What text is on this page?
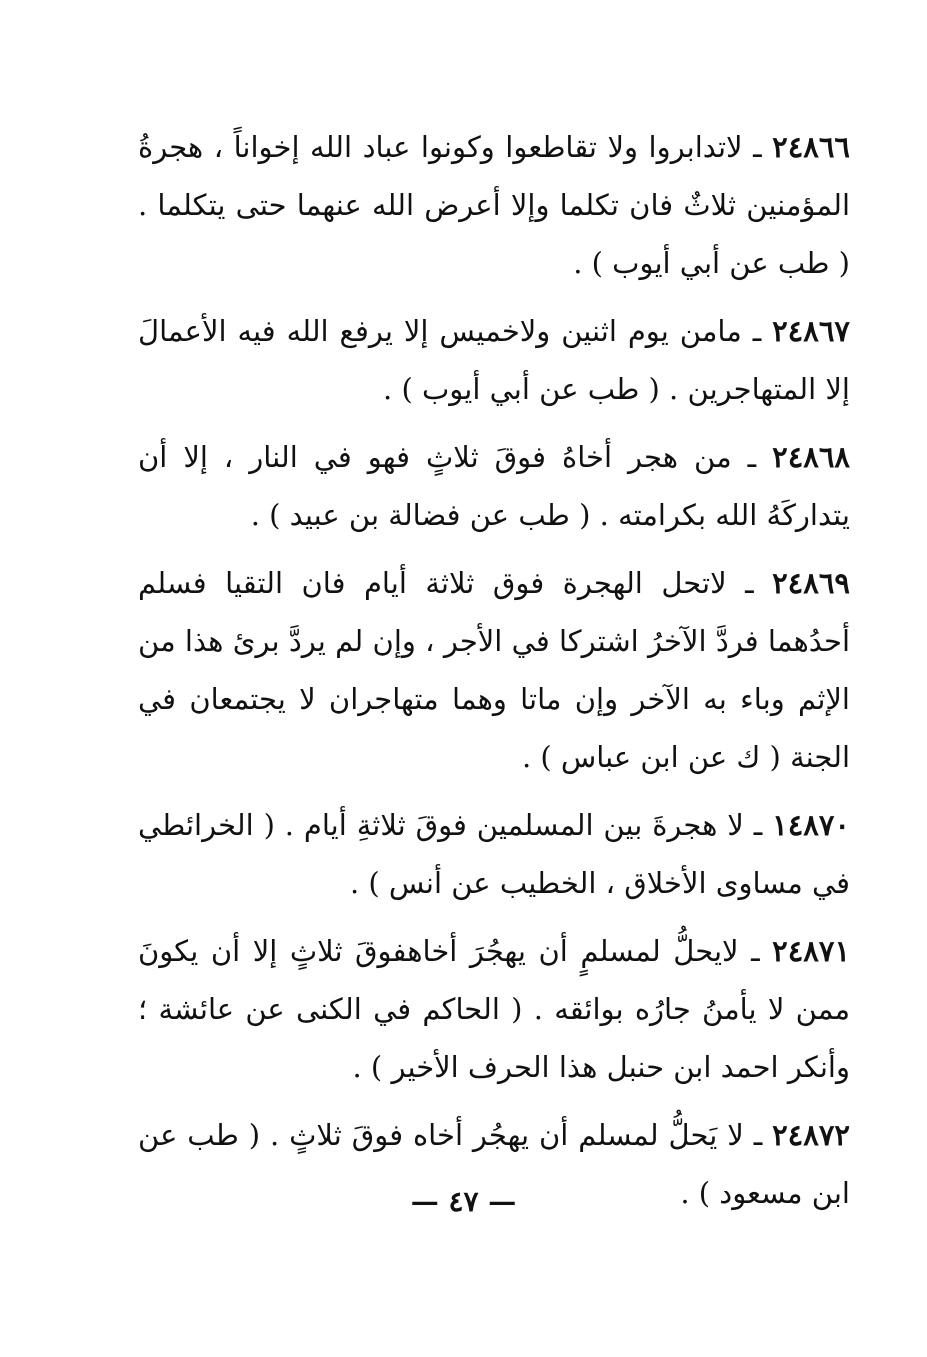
٢٤٨٦٦ ـ لاتدابروا ولا تقاطعوا وكونوا عباد الله إخواناً ، هجرةُ المؤمنين ثلاثٌ فان تكلما وإلا أعرض الله عنهما حتى يتكلما . ( طب عن أبي أيوب ) .

٢٤٨٦٧ ـ مامن يوم اثنين ولاخميس إلا يرفع الله فيه الأعمالَ إلا المتهاجرين . ( طب عن أبي أيوب ) .

٢٤٨٦٨ ـ من هجر أخاهُ فوقَ ثلاثٍ فهو في النار ، إلا أن يتداركَهُ الله بكرامته . ( طب عن فضالة بن عبيد ) .

٢٤٨٦٩ ـ لاتحل الهجرة فوق ثلاثة أيام فان التقيا فسلم أحدُهما فردَّ الآخرُ اشتركا في الأجر ، وإن لم يردَّ برئ هذا من الإثم وباء به الآخر وإن ماتا وهما متهاجران لا يجتمعان في الجنة ( ك عن ابن عباس ) .

١٤٨٧٠ ـ لا هجرةَ بين المسلمين فوقَ ثلاثةِ أيام . ( الخرائطي في مساوى الأخلاق ، الخطيب عن أنس ) .

٢٤٨٧١ ـ لايحلُّ لمسلمٍ أن يهجُرَ أخاهفوقَ ثلاثٍ إلا أن يكونَ ممن لا يأمنُ جارُه بوائقه . ( الحاكم في الكنى عن عائشة ؛ وأنكر احمد ابن حنبل هذا الحرف الأخير ) .

٢٤٨٧٢ ـ لا يَحلُّ لمسلم أن يهجُر أخاه فوقَ ثلاثٍ . ( طب عن ابن مسعود ) .

— ٤٧ —
